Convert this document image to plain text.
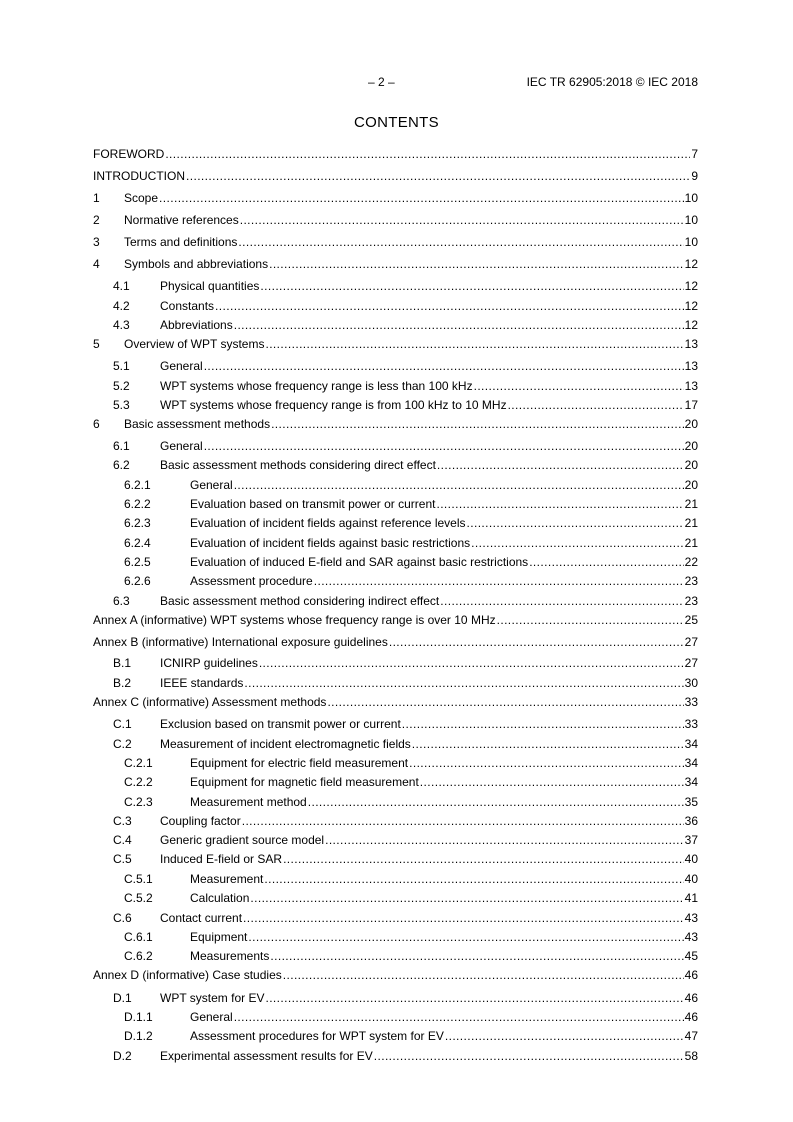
– 2 –	IEC TR 62905:2018 © IEC 2018
CONTENTS
FOREWORD .....	7
INTRODUCTION .....	9
1	Scope .....	10
2	Normative references .....	10
3	Terms and definitions .....	10
4	Symbols and abbreviations .....	12
4.1	Physical quantities .....	12
4.2	Constants .....	12
4.3	Abbreviations .....	12
5	Overview of WPT systems .....	13
5.1	General .....	13
5.2	WPT systems whose frequency range is less than 100 kHz .....	13
5.3	WPT systems whose frequency range is from 100 kHz to 10 MHz .....	17
6	Basic assessment methods .....	20
6.1	General .....	20
6.2	Basic assessment methods considering direct effect .....	20
6.2.1	General .....	20
6.2.2	Evaluation based on transmit power or current .....	21
6.2.3	Evaluation of incident fields against reference levels .....	21
6.2.4	Evaluation of incident fields against basic restrictions .....	21
6.2.5	Evaluation of induced E-field and SAR against basic restrictions .....	22
6.2.6	Assessment procedure .....	23
6.3	Basic assessment method considering indirect effect .....	23
Annex A (informative) WPT systems whose frequency range is over 10 MHz .....	25
Annex B (informative) International exposure guidelines .....	27
B.1	ICNIRP guidelines .....	27
B.2	IEEE standards .....	30
Annex C (informative) Assessment methods .....	33
C.1	Exclusion based on transmit power or current .....	33
C.2	Measurement of incident electromagnetic fields .....	34
C.2.1	Equipment for electric field measurement .....	34
C.2.2	Equipment for magnetic field measurement .....	34
C.2.3	Measurement method .....	35
C.3	Coupling factor .....	36
C.4	Generic gradient source model .....	37
C.5	Induced E-field or SAR .....	40
C.5.1	Measurement .....	40
C.5.2	Calculation .....	41
C.6	Contact current .....	43
C.6.1	Equipment .....	43
C.6.2	Measurements .....	45
Annex D (informative) Case studies .....	46
D.1	WPT system for EV .....	46
D.1.1	General .....	46
D.1.2	Assessment procedures for WPT system for EV .....	47
D.2	Experimental assessment results for EV .....	58
